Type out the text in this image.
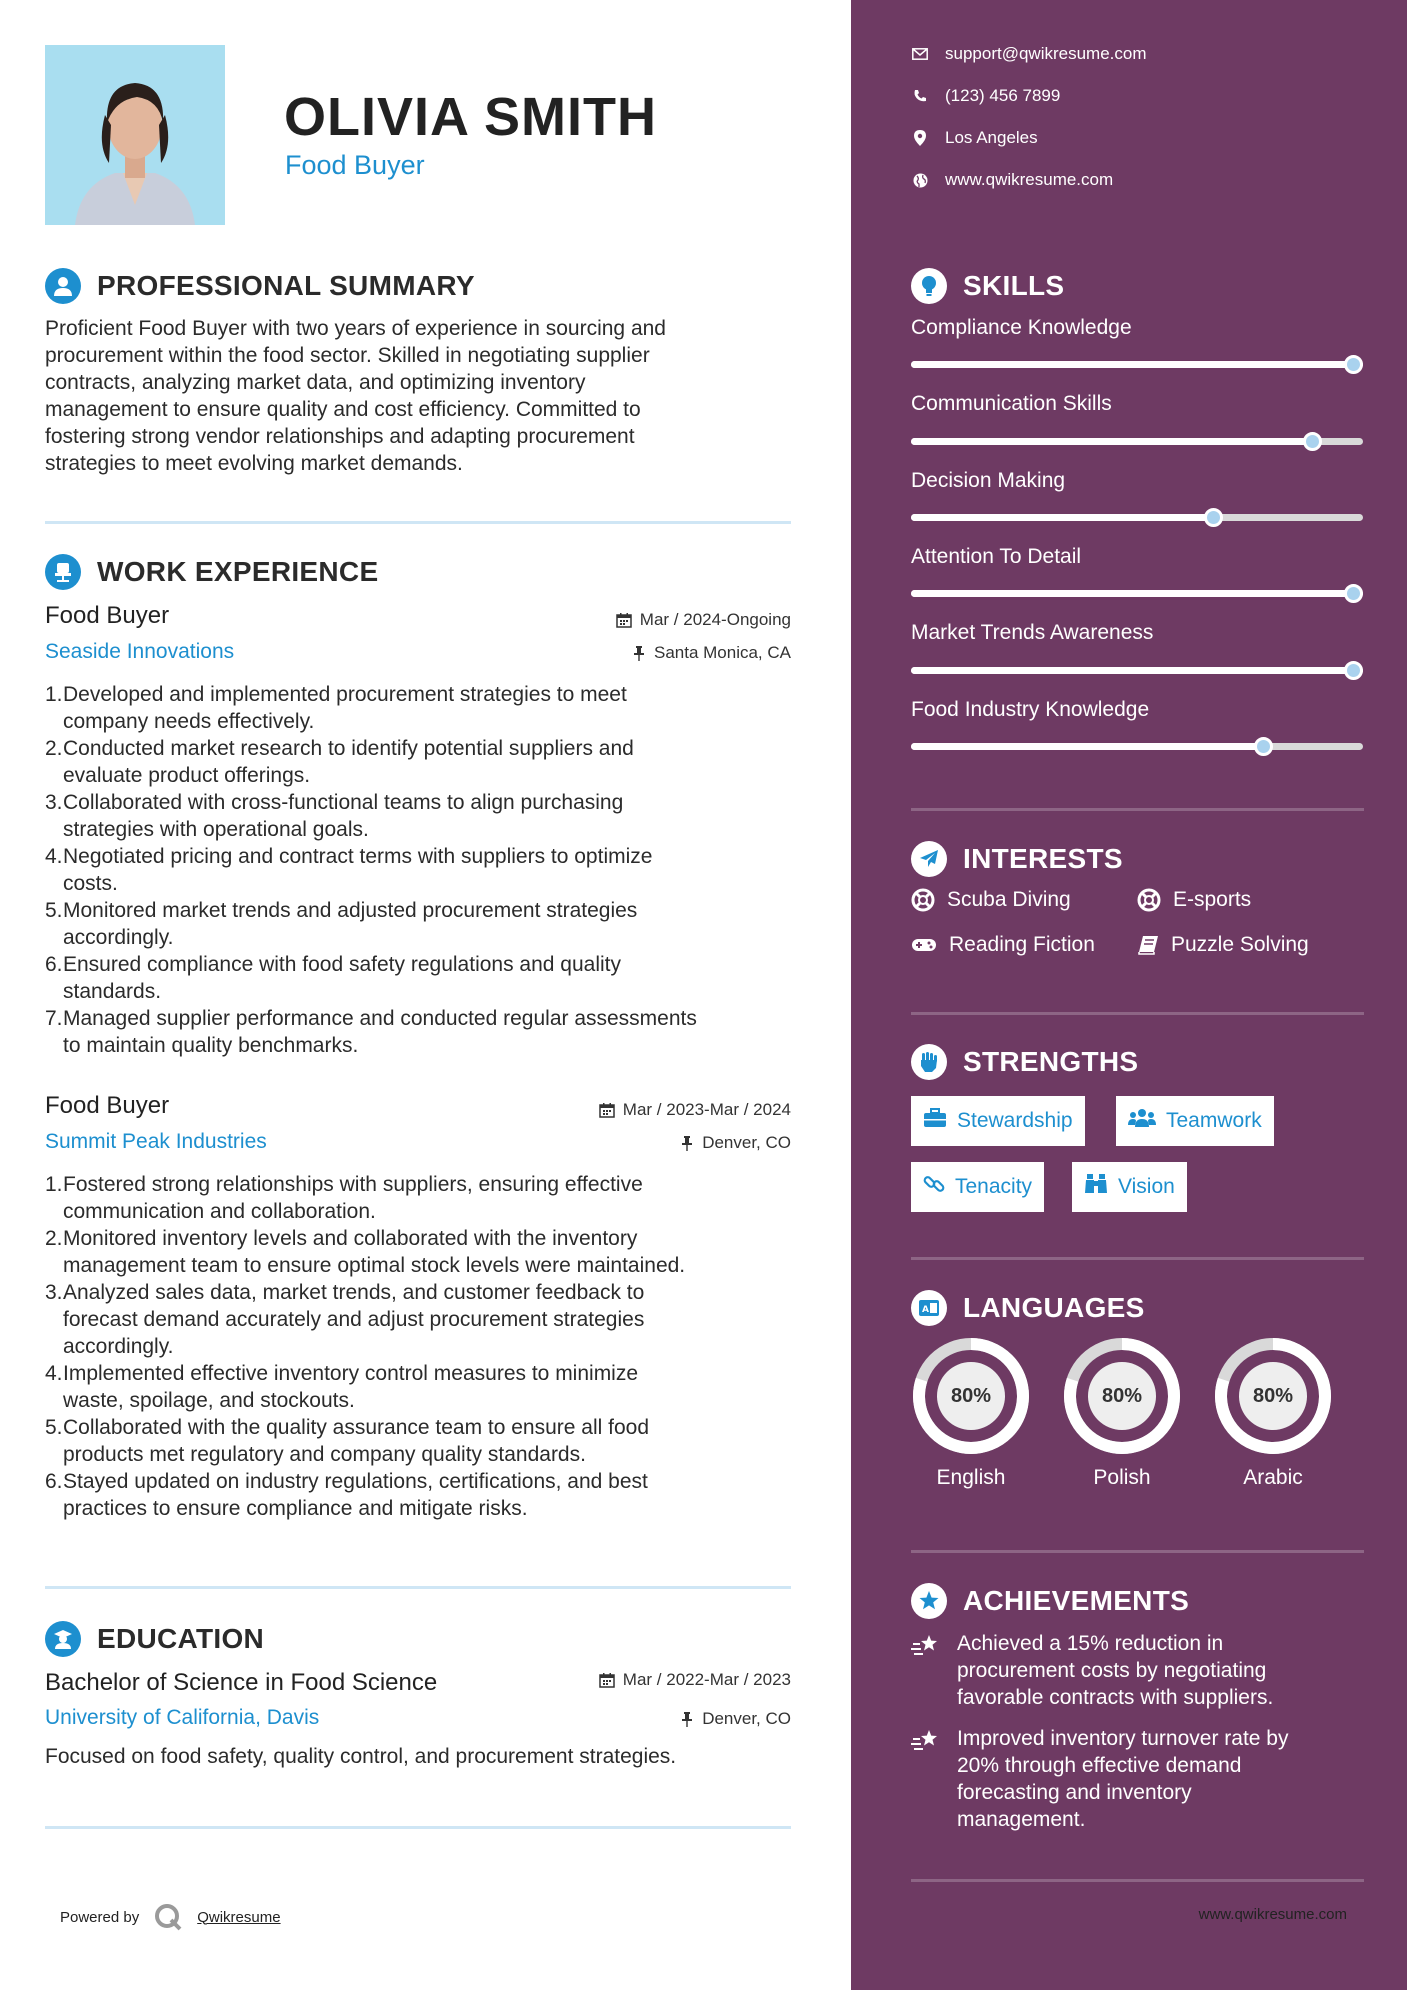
OLIVIA SMITH
Food Buyer
PROFESSIONAL SUMMARY
Proficient Food Buyer with two years of experience in sourcing and
procurement within the food sector. Skilled in negotiating supplier
contracts, analyzing market data, and optimizing inventory
management to ensure quality and cost efficiency. Committed to
fostering strong vendor relationships and adapting procurement
strategies to meet evolving market demands.
WORK EXPERIENCE
Food Buyer	Mar / 2024-Ongoing
Seaside Innovations	Santa Monica, CA
1. Developed and implemented procurement strategies to meet
company needs effectively.
2. Conducted market research to identify potential suppliers and
evaluate product offerings.
3. Collaborated with cross-functional teams to align purchasing
strategies with operational goals.
4. Negotiated pricing and contract terms with suppliers to optimize
costs.
5. Monitored market trends and adjusted procurement strategies
accordingly.
6. Ensured compliance with food safety regulations and quality
standards.
7. Managed supplier performance and conducted regular assessments
to maintain quality benchmarks.
Food Buyer	Mar / 2023-Mar / 2024
Summit Peak Industries	Denver, CO
1. Fostered strong relationships with suppliers, ensuring effective
communication and collaboration.
2. Monitored inventory levels and collaborated with the inventory
management team to ensure optimal stock levels were maintained.
3. Analyzed sales data, market trends, and customer feedback to
forecast demand accurately and adjust procurement strategies
accordingly.
4. Implemented effective inventory control measures to minimize
waste, spoilage, and stockouts.
5. Collaborated with the quality assurance team to ensure all food
products met regulatory and company quality standards.
6. Stayed updated on industry regulations, certifications, and best
practices to ensure compliance and mitigate risks.
EDUCATION
Bachelor of Science in Food Science	Mar / 2022-Mar / 2023
University of California, Davis	Denver, CO
Focused on food safety, quality control, and procurement strategies.
Powered by	Qwikresume
support@qwikresume.com
(123) 456 7899
Los Angeles
www.qwikresume.com
SKILLS
Compliance Knowledge
Communication Skills
Decision Making
Attention To Detail
Market Trends Awareness
Food Industry Knowledge
INTERESTS
Scuba Diving	E-sports
Reading Fiction	Puzzle Solving
STRENGTHS
Stewardship	Teamwork
Tenacity	Vision
A LANGUAGES
80%
English
80%
Polish
80%
Arabic
ACHIEVEMENTS
Achieved a 15% reduction in
procurement costs by negotiating
favorable contracts with suppliers.
Improved inventory turnover rate by
20% through effective demand
forecasting and inventory
management.
www.qwikresume.com
